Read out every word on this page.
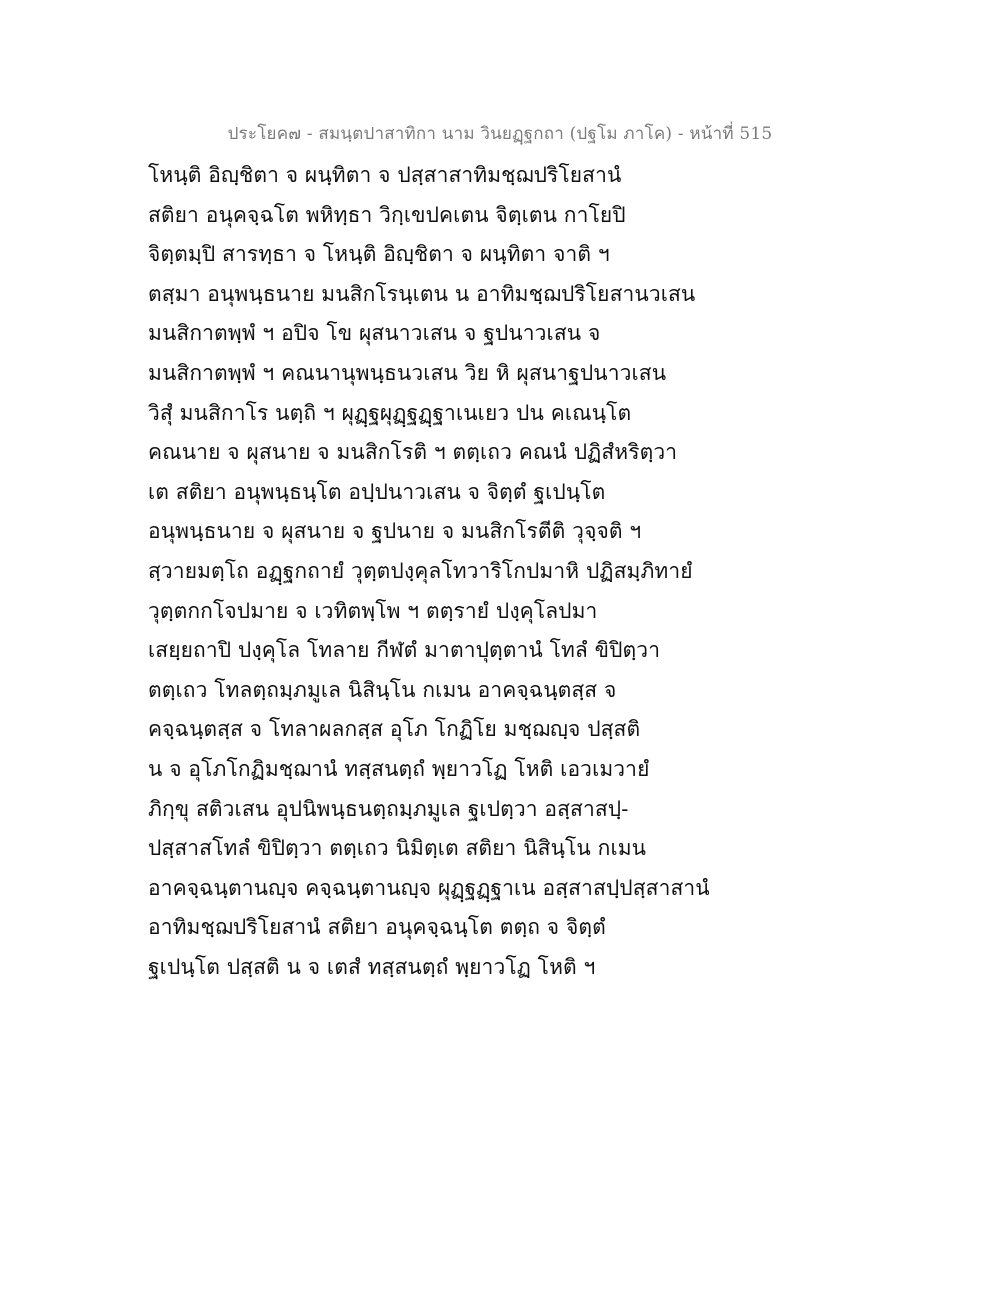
ประโยค๗ - สมนฺตปาสาทิกา นาม วินยฏฺฐกถา (ปฐโม ภาโค) - หน้าที่ 515
โหนฺติ อิญฺชิตา จ ผนฺทิตา จ ปสฺสาสาทิมชฺฌปริโยสานํ
สติยา อนุคจฺฉโต พหิทฺธา วิกฺเขปคเตน จิตฺเตน กาโยปิ
จิตฺตมฺปิ สารทฺธา จ โหนฺติ อิญฺชิตา จ ผนฺทิตา จาติ ฯ
ตสฺมา อนุพนฺธนาย มนสิกโรนฺเตน น อาทิมชฺฌปริโยสานวเสน
มนสิกาตพฺพํ ฯ อปิจ โข ผุสนาวเสน จ ฐปนาวเสน จ
มนสิกาตพฺพํ ฯ คณนานุพนฺธนวเสน วิย หิ ผุสนาฐปนาวเสน
วิสุํ มนสิกาโร นตฺถิ ฯ ผุฏฺฐผุฏฺฐฏฺฐาเนเยว ปน คเณนฺโต
คณนาย จ ผุสนาย จ มนสิกโรติ ฯ ตตฺเถว คณนํ ปฏิสํหริตฺวา
เต สติยา อนุพนฺธนฺโต อปฺปนาวเสน จ จิตฺตํ ฐเปนฺโต
อนุพนฺธนาย จ ผุสนาย จ ฐปนาย จ มนสิกโรตีติ วุจฺจติ ฯ
สฺวายมตฺโถ อฏฺฐกถายํ วุตฺตปงฺคุลโทวาริโกปมาหิ ปฏิสมฺภิทายํ
วุตฺตกกโจปมาย จ เวทิตพฺโพ ฯ ตตฺรายํ ปงฺคุโลปมา
เสยฺยถาปิ ปงฺคุโล โทลาย กีฬตํ มาตาปุตฺตานํ โทลํ ขิปิตฺวา
ตตฺเถว โทลตฺถมฺภมูเล นิสินฺโน กเมน อาคจฺฉนฺตสฺส จ
คจฺฉนฺตสฺส จ โทลาผลกสฺส อุโภ โกฏิโย มชฺฌญฺจ ปสฺสติ
น จ อุโภโกฏิมชฺฌานํ ทสฺสนตฺถํ พฺยาวโฏ โหติ เอวเมวายํ
ภิกฺขุ สติวเสน อุปนิพนฺธนตฺถมฺภมูเล ฐเปตฺวา อสฺสาสปฺ-
ปสฺสาสโทลํ ขิปิตฺวา ตตฺเถว นิมิตฺเต สติยา นิสินฺโน กเมน
อาคจฺฉนฺตานญฺจ คจฺฉนฺตานญฺจ ผุฏฺฐฏฺฐาเน อสฺสาสปฺปสฺสาสานํ
อาทิมชฺฌปริโยสานํ สติยา อนุคจฺฉนฺโต ตตฺถ จ จิตฺตํ
ฐเปนฺโต ปสฺสติ น จ เตสํ ทสฺสนตฺถํ พฺยาวโฏ โหติ ฯ
